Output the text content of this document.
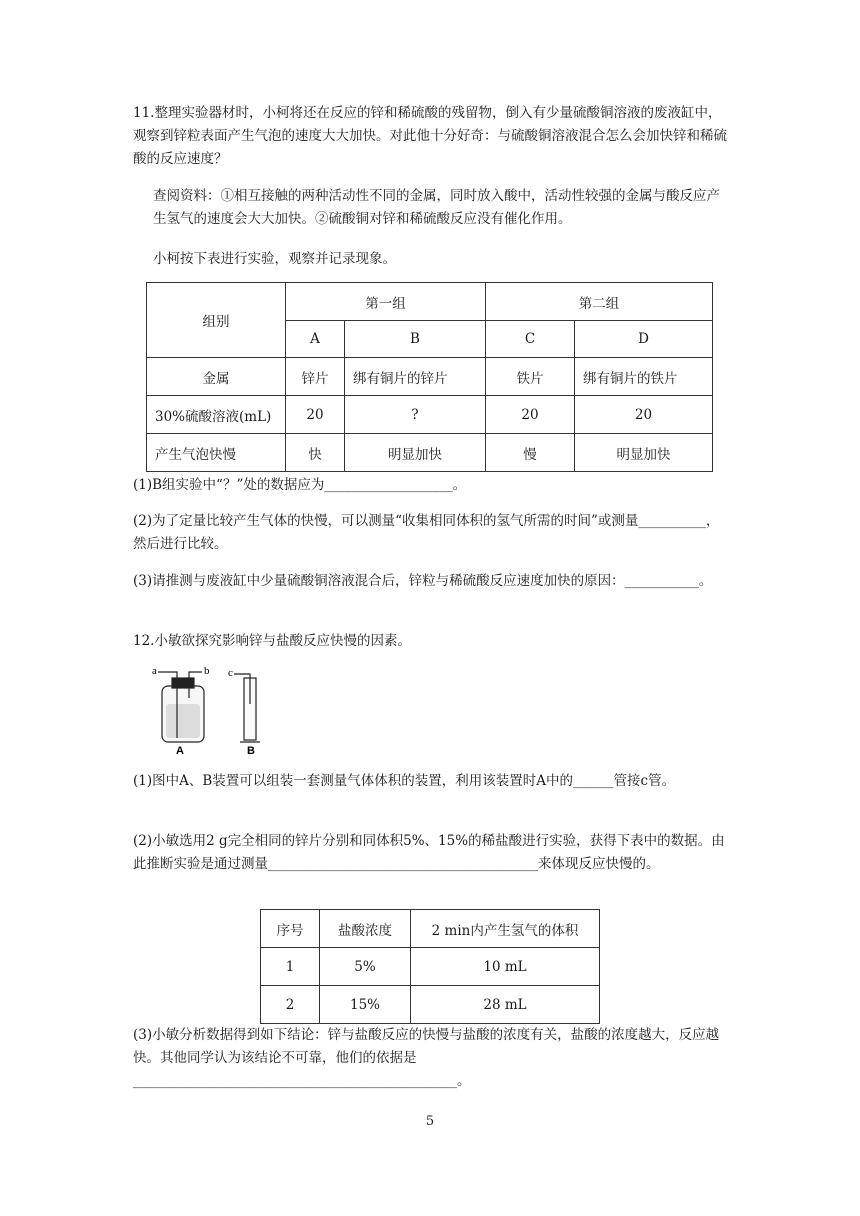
11.整理实验器材时，小柯将还在反应的锌和稀硫酸的残留物，倒入有少量硫酸铜溶液的废液缸中，观察到锌粒表面产生气泡的速度大大加快。对此他十分好奇：与硫酸铜溶液混合怎么会加快锌和稀硫酸的反应速度？

查阅资料：①相互接触的两种活动性不同的金属，同时放入酸中，活动性较强的金属与酸反应产生氢气的速度会大大加快。②硫酸铜对锌和稀硫酸反应没有催化作用。

小柯按下表进行实验，观察并记录现象。

组别	第一组		第二组	
	A	B	C	D
金属	锌片	绑有铜片的锌片	铁片	绑有铜片的铁片
30%硫酸溶液(mL)	20	?	20	20
产生气泡快慢	快	明显加快	慢	明显加快

(1)B组实验中“？”处的数据应为___________________。

(2)为了定量比较产生气体的快慢，可以测量“收集相同体积的氢气所需的时间”或测量__________，然后进行比较。

(3)请推测与废液缸中少量硫酸铜溶液混合后，锌粒与稀硫酸反应速度加快的原因：___________。

12.小敏欲探究影响锌与盐酸反应快慢的因素。

a	b c
A	B

(1)图中A、B装置可以组装一套测量气体体积的装置，利用该装置时A中的______管接c管。

(2)小敏选用2 g完全相同的锌片分别和同体积5%、15%的稀盐酸进行实验，获得下表中的数据。由此推断实验是通过测量________________________________________来体现反应快慢的。

序号	盐酸浓度	2 min内产生氢气的体积
1	5%	10 mL
2	15%	28 mL

(3)小敏分析数据得到如下结论：锌与盐酸反应的快慢与盐酸的浓度有关，盐酸的浓度越大，反应越快。其他同学认为该结论不可靠，他们的依据是________________________________________________。

5
